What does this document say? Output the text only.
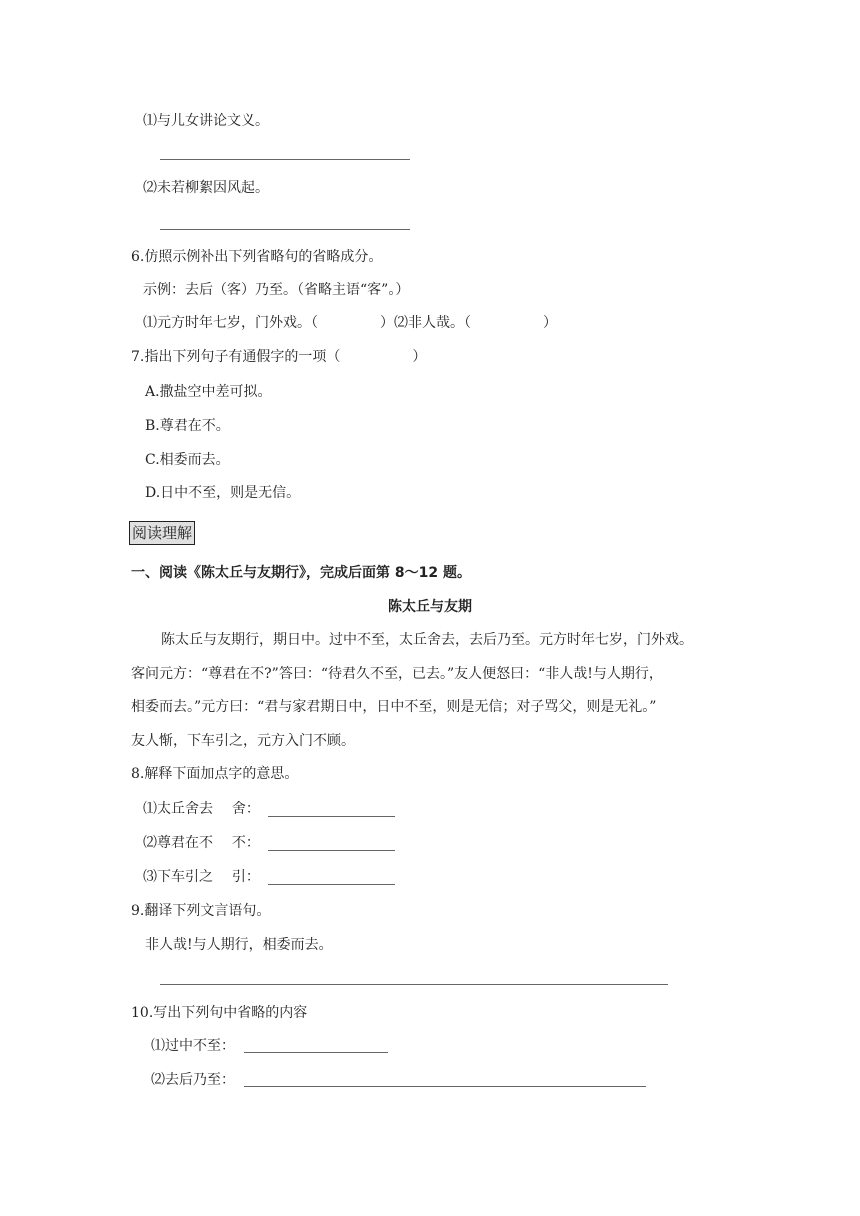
⑴与儿女讲论文义。
⑵未若柳絮因风起。
6.仿照示例补出下列省略句的省略成分。
示例：去后（客）乃至。（省略主语“客”。）
⑴元方时年七岁，门外戏。（	）⑵非人哉。（	）
7.指出下列句子有通假字的一项（	）
A.撒盐空中差可拟。
B.尊君在不。
C.相委而去。
D.日中不至，则是无信。
阅读理解
一、阅读《陈太丘与友期行》，完成后面第 8～12 题。
陈太丘与友期
陈太丘与友期行，期日中。过中不至，太丘舍去，去后乃至。元方时年七岁，门外戏。
客问元方：“尊君在不?”答曰：“待君久不至，已去。”友人便怒曰：“非人哉!与人期行，
相委而去。”元方曰：“君与家君期日中，日中不至，则是无信；对子骂父，则是无礼。”
友人惭，下车引之，元方入门不顾。
8.解释下面加点字的意思。
⑴太丘舍去 舍：
⑵尊君在不 不：
⑶下车引之 引：
9.翻译下列文言语句。
非人哉!与人期行，相委而去。
10.写出下列句中省略的内容
⑴过中不至：
⑵去后乃至：
